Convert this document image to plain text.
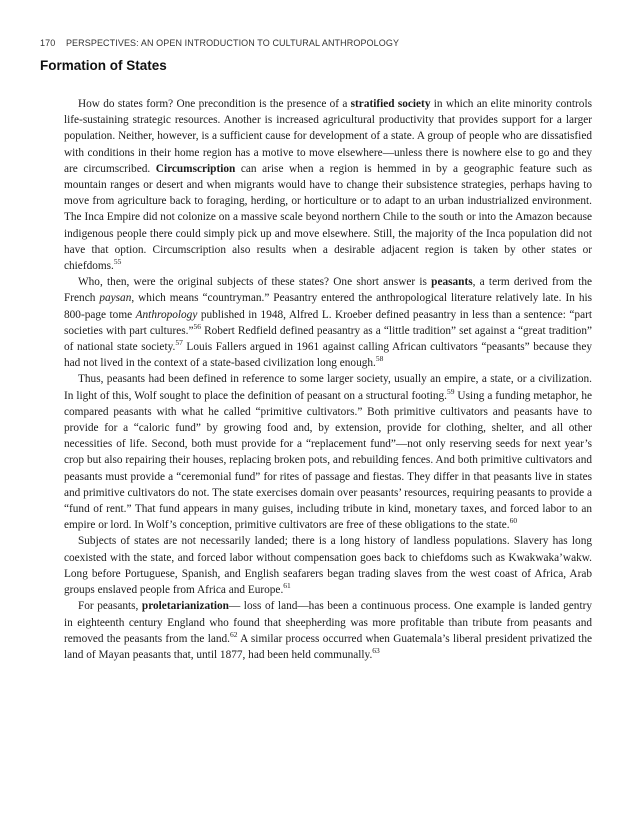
170 PERSPECTIVES: AN OPEN INTRODUCTION TO CULTURAL ANTHROPOLOGY
Formation of States

How do states form? One precondition is the presence of a stratified society in which an elite minority controls life-sustaining strategic resources. Another is increased agricultural productivity that provides support for a larger population. Neither, however, is a sufficient cause for development of a state. A group of people who are dissatisfied with conditions in their home region has a motive to move elsewhere—unless there is nowhere else to go and they are circumscribed. Circumscription can arise when a region is hemmed in by a geographic feature such as mountain ranges or desert and when migrants would have to change their subsistence strategies, perhaps having to move from agriculture back to foraging, herding, or horticulture or to adapt to an urban industrialized environment. The Inca Empire did not colonize on a massive scale beyond northern Chile to the south or into the Amazon because indigenous people there could simply pick up and move elsewhere. Still, the majority of the Inca population did not have that option. Circumscription also results when a desirable adjacent region is taken by other states or chiefdoms.$^{55}$

Who, then, were the original subjects of these states? One short answer is peasants, a term derived from the French paysan, which means “countryman.” Peasantry entered the anthropological literature relatively late. In his 800-page tome Anthropology published in 1948, Alfred L. Kroeber defined peasantry in less than a sentence: “part societies with part cultures.”$^{56}$ Robert Redfield defined peasantry as a “little tradition” set against a “great tradition” of national state society.$^{57}$ Louis Fallers argued in 1961 against calling African cultivators “peasants” because they had not lived in the context of a state-based civilization long enough.$^{58}$

Thus, peasants had been defined in reference to some larger society, usually an empire, a state, or a civilization. In light of this, Wolf sought to place the definition of peasant on a structural footing.$^{59}$ Using a funding metaphor, he compared peasants with what he called “primitive cultivators.” Both primitive cultivators and peasants have to provide for a “caloric fund” by growing food and, by extension, provide for clothing, shelter, and all other necessities of life. Second, both must provide for a “replacement fund”—not only reserving seeds for next year’s crop but also repairing their houses, replacing broken pots, and rebuilding fences. And both primitive cultivators and peasants must provide a “ceremonial fund” for rites of passage and fiestas. They differ in that peasants live in states and primitive cultivators do not. The state exercises domain over peasants’ resources, requiring peasants to provide a “fund of rent.” That fund appears in many guises, including tribute in kind, monetary taxes, and forced labor to an empire or lord. In Wolf’s conception, primitive cultivators are free of these obligations to the state.$^{60}$

Subjects of states are not necessarily landed; there is a long history of landless populations. Slavery has long coexisted with the state, and forced labor without compensation goes back to chiefdoms such as Kwakwaka’wakw. Long before Portuguese, Spanish, and English seafarers began trading slaves from the west coast of Africa, Arab groups enslaved people from Africa and Europe.$^{61}$

For peasants, proletarianization— loss of land—has been a continuous process. One example is landed gentry in eighteenth century England who found that sheepherding was more profitable than tribute from peasants and removed the peasants from the land.$^{62}$ A similar process occurred when Guatemala’s liberal president privatized the land of Mayan peasants that, until 1877, had been held communally.$^{63}$
